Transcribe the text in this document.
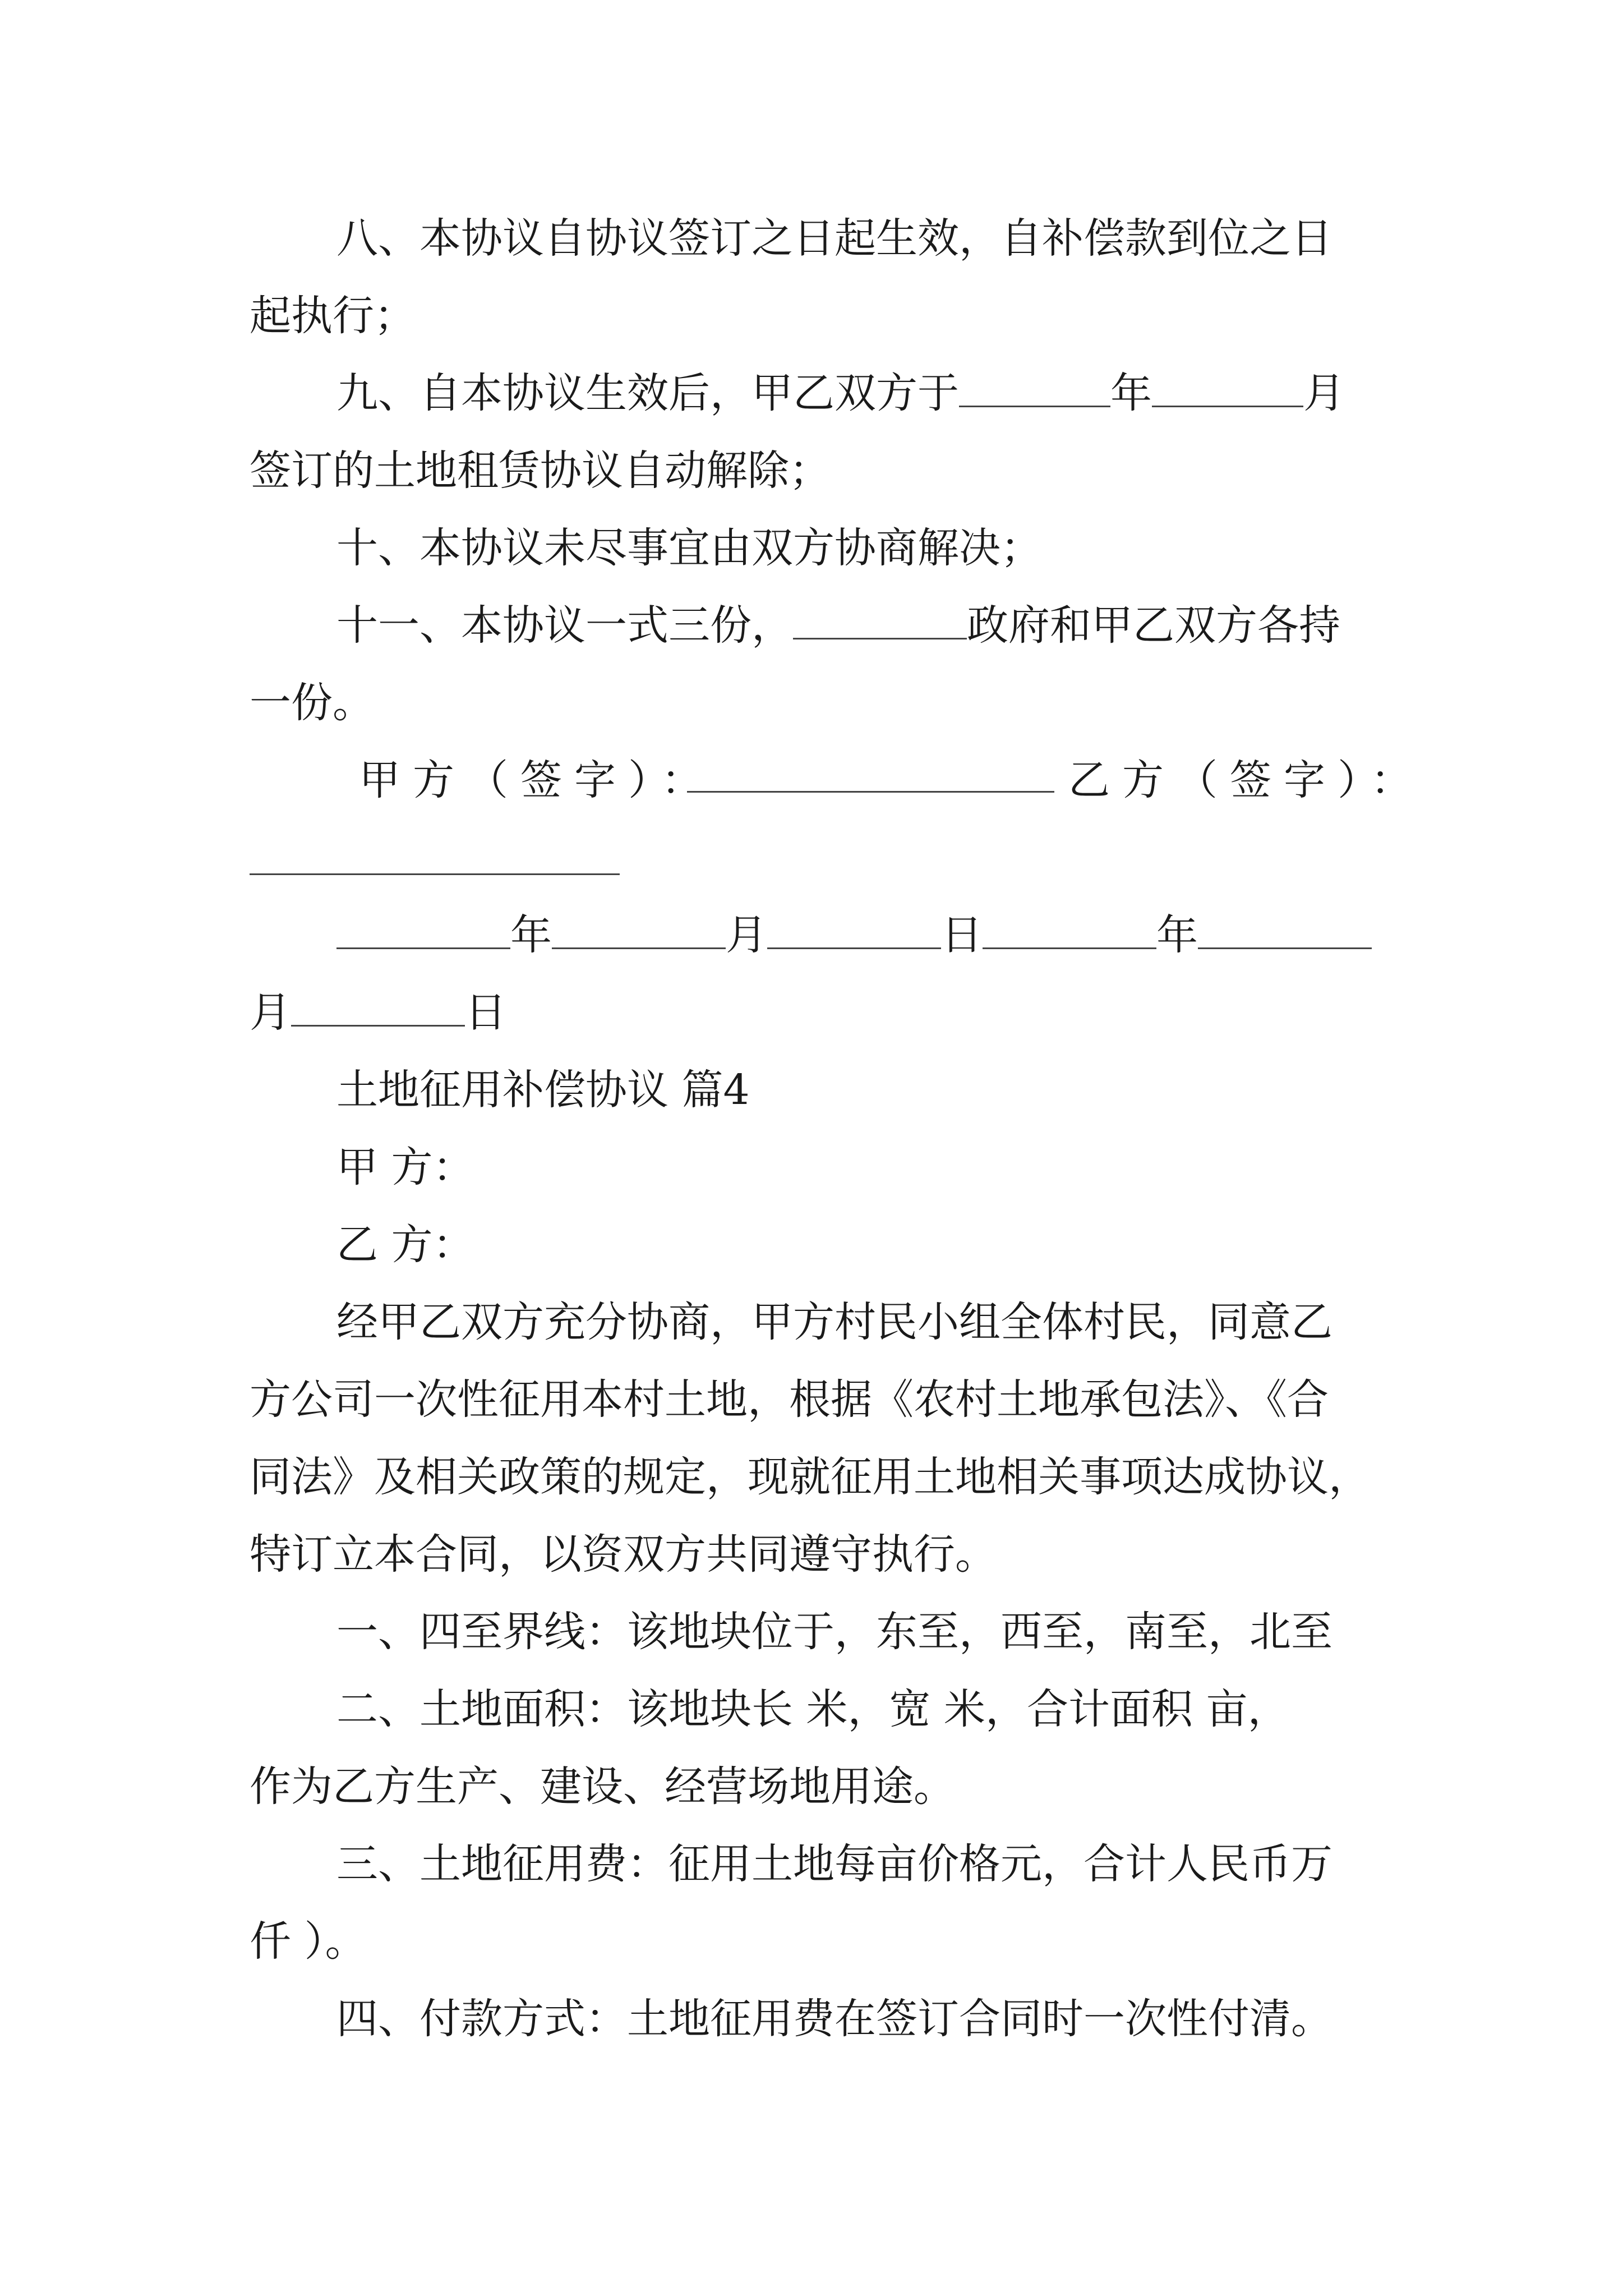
八、本协议自协议签订之日起生效，自补偿款到位之日
起执行；
九、自本协议生效后，甲乙双方于	年	月
签订的土地租赁协议自动解除；
十、本协议未尽事宜由双方协商解决；
十一、本协议一式三份，	政府和甲乙双方各持
一份。
甲方（签字）：	乙方（签字）：
年	月	日	年
月	日
土地征用补偿协议 篇4
甲 方：
乙 方：
经甲乙双方充分协商，甲方村民小组全体村民，同意乙
方公司一次性征用本村土地，根据《农村土地承包法》、《合
同法》及相关政策的规定，现就征用土地相关事项达成协议，
特订立本合同，以资双方共同遵守执行。
一、四至界线：该地块位于，东至，西至，南至，北至
二、土地面积：该地块长 米，宽 米，合计面积 亩，
作为乙方生产、建设、经营场地用途。
三、土地征用费：征用土地每亩价格元，合计人民币万
仟 ）。
四、付款方式：土地征用费在签订合同时一次性付清。
